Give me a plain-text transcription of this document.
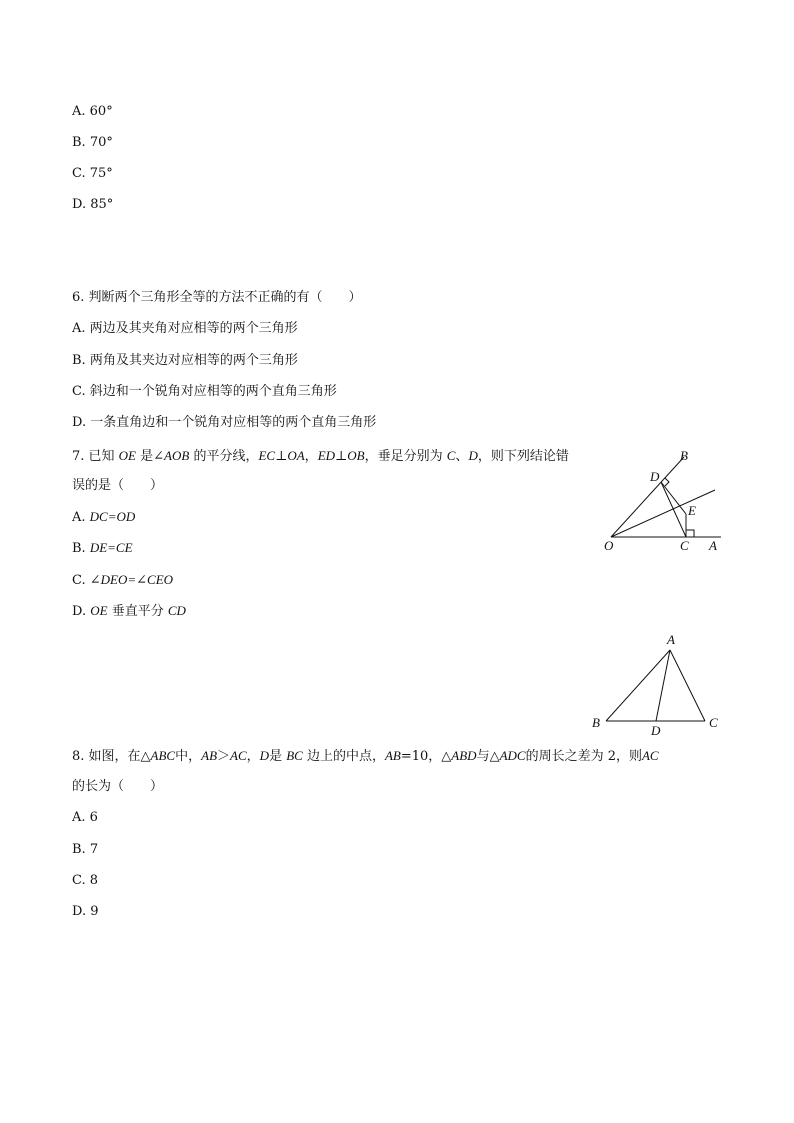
A. 60°
B. 70°
C. 75°
D. 85°
6. 判断两个三角形全等的方法不正确的有（　　）
A. 两边及其夹角对应相等的两个三角形
B. 两角及其夹边对应相等的两个三角形
C. 斜边和一个锐角对应相等的两个直角三角形
D. 一条直角边和一个锐角对应相等的两个直角三角形
7. 已知 OE 是∠AOB 的平分线，EC⊥OA，ED⊥OB，垂足分别为 C、D，则下列结论错
误的是（　　）
A. DC=OD
B. DE=CE
C. ∠DEO=∠CEO
D. OE 垂直平分 CD
B
D
E
O	C A
A
B
D
C
8. 如图，在△ABC中，AB＞AC，D是 BC 边上的中点，AB=10，△ABD与△ADC的周长之差为 2，则AC
的长为（　　）
A. 6
B. 7
C. 8
D. 9
